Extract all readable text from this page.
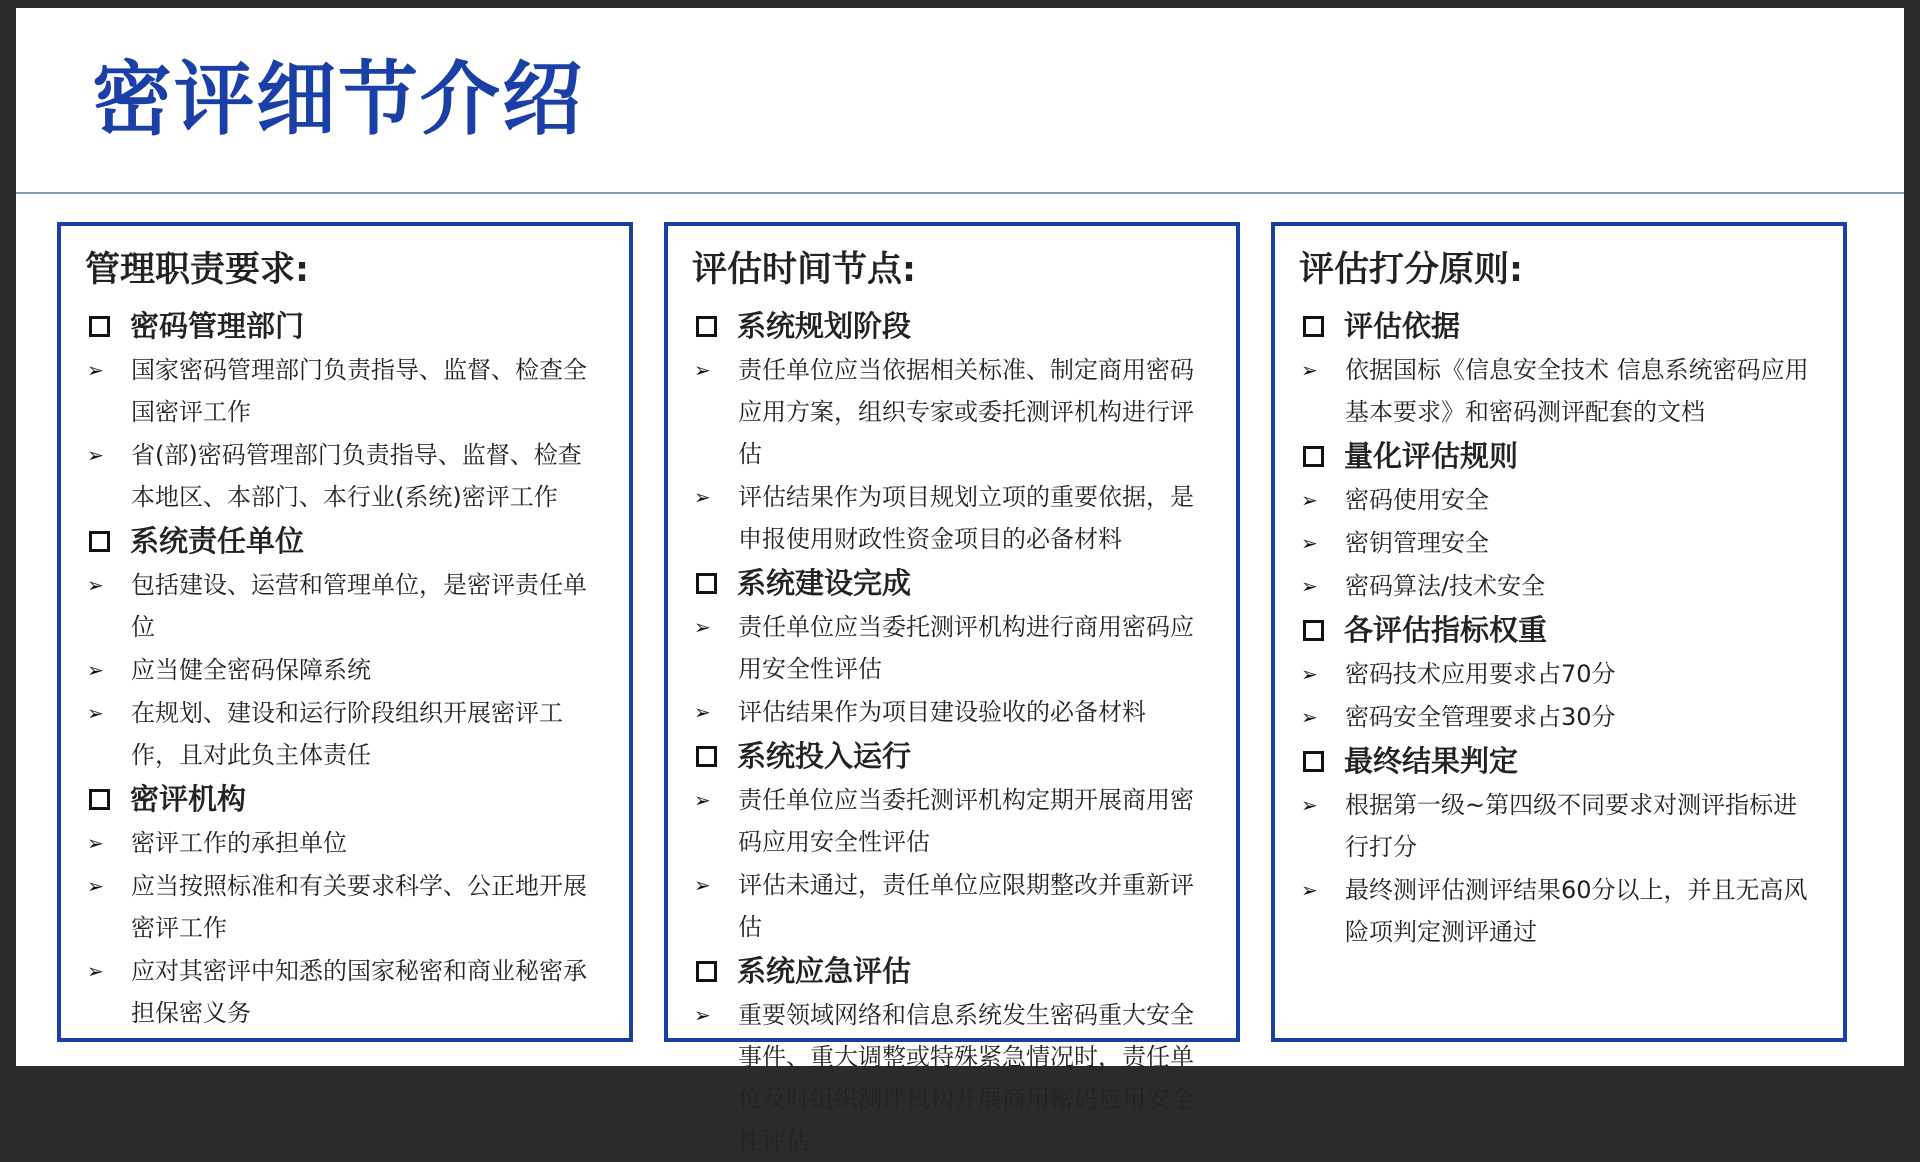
密评细节介绍
管理职责要求:
密码管理部门
➢	国家密码管理部门负责指导、监督、检查全国密评工作
➢	省(部)密码管理部门负责指导、监督、检查本地区、本部门、本行业(系统)密评工作
系统责任单位
➢	包括建设、运营和管理单位，是密评责任单位
➢	应当健全密码保障系统
➢	在规划、建设和运行阶段组织开展密评工作，且对此负主体责任
密评机构
➢	密评工作的承担单位
➢	应当按照标准和有关要求科学、公正地开展密评工作
➢	应对其密评中知悉的国家秘密和商业秘密承担保密义务
评估时间节点:
系统规划阶段
➢	责任单位应当依据相关标准、制定商用密码应用方案，组织专家或委托测评机构进行评估
➢	评估结果作为项目规划立项的重要依据，是申报使用财政性资金项目的必备材料
系统建设完成
➢	责任单位应当委托测评机构进行商用密码应用安全性评估
➢	评估结果作为项目建设验收的必备材料
系统投入运行
➢	责任单位应当委托测评机构定期开展商用密码应用安全性评估
➢	评估未通过，责任单位应限期整改并重新评估
系统应急评估
➢	重要领域网络和信息系统发生密码重大安全事件、重大调整或特殊紧急情况时，责任单位及时组织测评机构开展商用密码应用安全性评估
评估打分原则:
评估依据
➢	依据国标《信息安全技术 信息系统密码应用基本要求》和密码测评配套的文档
量化评估规则
➢	密码使用安全
➢	密钥管理安全
➢	密码算法/技术安全
各评估指标权重
➢	密码技术应用要求占70分
➢	密码安全管理要求占30分
最终结果判定
➢	根据第一级~第四级不同要求对测评指标进行打分
➢	最终测评估测评结果60分以上，并且无高风险项判定测评通过
